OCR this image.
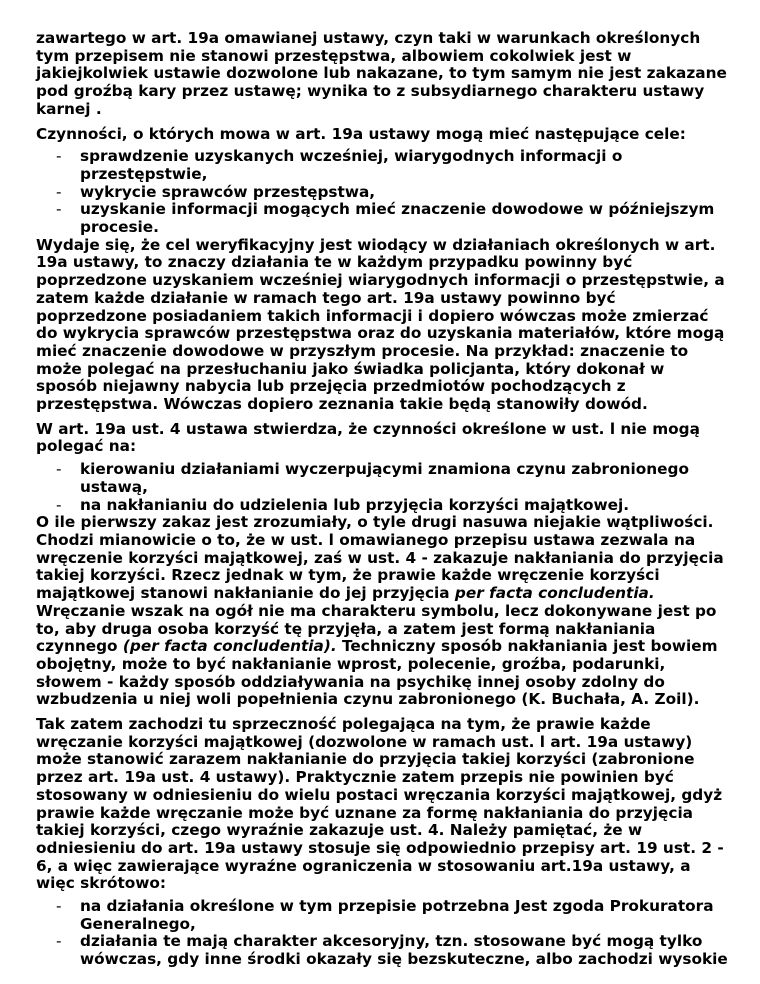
zawartego w art. 19a omawianej ustawy, czyn taki w warunkach określonych tym przepisem nie stanowi przestępstwa, albowiem cokolwiek jest w jakiejkolwiek ustawie dozwolone lub nakazane, to tym samym nie jest zakazane pod groźbą kary przez ustawę; wynika to z subsydiarnego charakteru ustawy karnej .

Czynności, o których mowa w art. 19a ustawy mogą mieć następujące cele:

- sprawdzenie uzyskanych wcześniej, wiarygodnych informacji o przestępstwie,
- wykrycie sprawców przestępstwa,
- uzyskanie informacji mogących mieć znaczenie dowodowe w późniejszym procesie.

Wydaje się, że cel weryfikacyjny jest wiodący w działaniach określonych w art. 19a ustawy, to znaczy działania te w każdym przypadku powinny być poprzedzone uzyskaniem wcześniej wiarygodnych informacji o przestępstwie, a zatem każde działanie w ramach tego art. 19a ustawy powinno być poprzedzone posiadaniem takich informacji i dopiero wówczas może zmierzać do wykrycia sprawców przestępstwa oraz do uzyskania materiałów, które mogą mieć znaczenie dowodowe w przyszłym procesie. Na przykład: znaczenie to może polegać na przesłuchaniu jako świadka policjanta, który dokonał w sposób niejawny nabycia lub przejęcia przedmiotów pochodzących z przestępstwa. Wówczas dopiero zeznania takie będą stanowiły dowód.

W art. 19a ust. 4 ustawa stwierdza, że czynności określone w ust. l nie mogą polegać na:

- kierowaniu działaniami wyczerpującymi znamiona czynu zabronionego ustawą,
- na nakłanianiu do udzielenia lub przyjęcia korzyści majątkowej.

O ile pierwszy zakaz jest zrozumiały, o tyle drugi nasuwa niejakie wątpliwości. Chodzi mianowicie o to, że w ust. l omawianego przepisu ustawa zezwala na wręczenie korzyści majątkowej, zaś w ust. 4 - zakazuje nakłaniania do przyjęcia takiej korzyści. Rzecz jednak w tym, że prawie każde wręczenie korzyści majątkowej stanowi nakłanianie do jej przyjęcia per facta concludentia. Wręczanie wszak na ogół nie ma charakteru symbolu, lecz dokonywane jest po to, aby druga osoba korzyść tę przyjęła, a zatem jest formą nakłaniania czynnego (per facta concludentia). Techniczny sposób nakłaniania jest bowiem obojętny, może to być nakłanianie wprost, polecenie, groźba, podarunki, słowem - każdy sposób oddziaływania na psychikę innej osoby zdolny do wzbudzenia u niej woli popełnienia czynu zabronionego (K. Buchała, A. Zoil).

Tak zatem zachodzi tu sprzeczność polegająca na tym, że prawie każde wręczanie korzyści majątkowej (dozwolone w ramach ust. l art. 19a ustawy) może stanowić zarazem nakłanianie do przyjęcia takiej korzyści (zabronione przez art. 19a ust. 4 ustawy). Praktycznie zatem przepis nie powinien być stosowany w odniesieniu do wielu postaci wręczania korzyści majątkowej, gdyż prawie każde wręczanie może być uznane za formę nakłaniania do przyjęcia takiej korzyści, czego wyraźnie zakazuje ust. 4. Należy pamiętać, że w odniesieniu do art. 19a ustawy stosuje się odpowiednio przepisy art. 19 ust. 2 - 6, a więc zawierające wyraźne ograniczenia w stosowaniu art.19a ustawy, a więc skrótowo:

- na działania określone w tym przepisie potrzebna Jest zgoda Prokuratora Generalnego,
- działania te mają charakter akcesoryjny, tzn. stosowane być mogą tylko wówczas, gdy inne środki okazały się bezskuteczne, albo zachodzi wysokie
